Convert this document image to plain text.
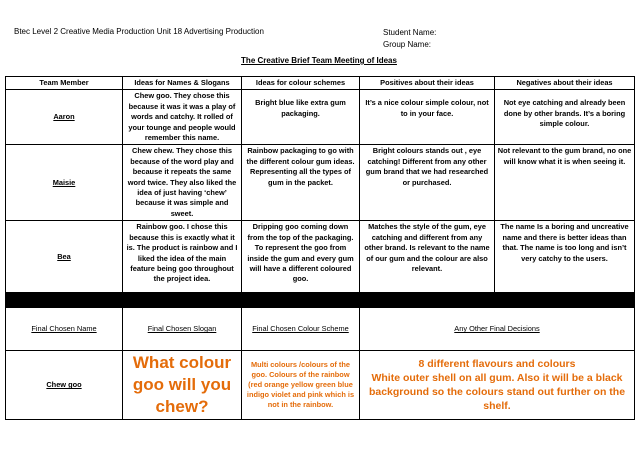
Btec Level 2 Creative Media Production Unit 18 Advertising Production	Student Name:
Group Name:
The Creative Brief Team Meeting of Ideas
Team Member	Ideas for Names & Slogans	Ideas for colour schemes	Positives about their ideas	Negatives about their ideas
Aaron	Chew goo. They chose this because it was it was a play of words and catchy. It rolled of your tounge and people would remember this name.	Bright blue like extra gum packaging.	It’s a nice colour simple colour, not to in your face.	Not eye catching and already been done by other brands. It’s a boring simple colour.
Maisie	Chew chew. They chose this because of the word play and because it repeats the same word twice. They also liked the idea of just having ‘chew’ because it was simple and sweet.	Rainbow packaging to go with the different colour gum ideas. Representing all the types of gum in the packet.	Bright colours stands out , eye catching! Different from any other gum brand that we had researched or purchased.	Not relevant to the gum brand, no one will know what it is when seeing it.
Bea	Rainbow goo. I chose this because this is exactly what it is. The product is rainbow and I liked the idea of the main feature being goo throughout the project idea.	Dripping goo coming down from the top of the packaging. To represent the goo from inside the gum and every gum will have a different coloured goo.	Matches the style of the gum, eye catching and different from any other brand. Is relevant to the name of our gum and the colour are also relevant.	The name Is a boring and uncreative name and there is better ideas than that. The name is too long and isn’t very catchy to the users.

Final Chosen Name	Final Chosen Slogan	Final Chosen Colour Scheme	Any Other Final Decisions	
Chew goo	What colour goo will you chew?	Multi colours /colours of the goo. Colours of the rainbow (red orange yellow green blue indigo violet and pink which is not in the rainbow.	8 different flavours and colours
White outer shell on all gum. Also it will be a black background so the colours stand out further on the shelf.	
